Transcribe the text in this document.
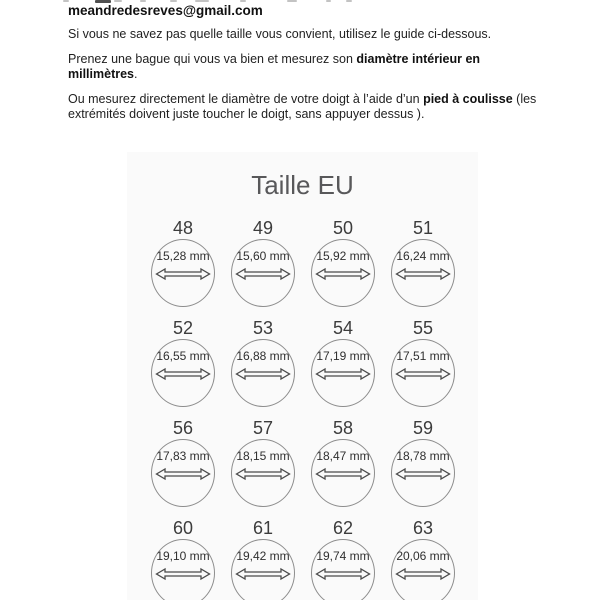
meandredesreves@gmail.com

Si vous ne savez pas quelle taille vous convient, utilisez le guide ci-dessous.

Prenez une bague qui vous va bien et mesurez son diamètre intérieur en
millimètres.

Ou mesurez directement le diamètre de votre doigt à l’aide d’un pied à coulisse (les
extrémités doivent juste toucher le doigt, sans appuyer dessus ).

Taille EU
48
15,28 mm
49
15,60 mm
50
15,92 mm
51
16,24 mm
52
16,55 mm
53
16,88 mm
54
17,19 mm
55
17,51 mm
56
17,83 mm
57
18,15 mm
58
18,47 mm
59
18,78 mm
60
19,10 mm
61
19,42 mm
62
19,74 mm
63
20,06 mm
